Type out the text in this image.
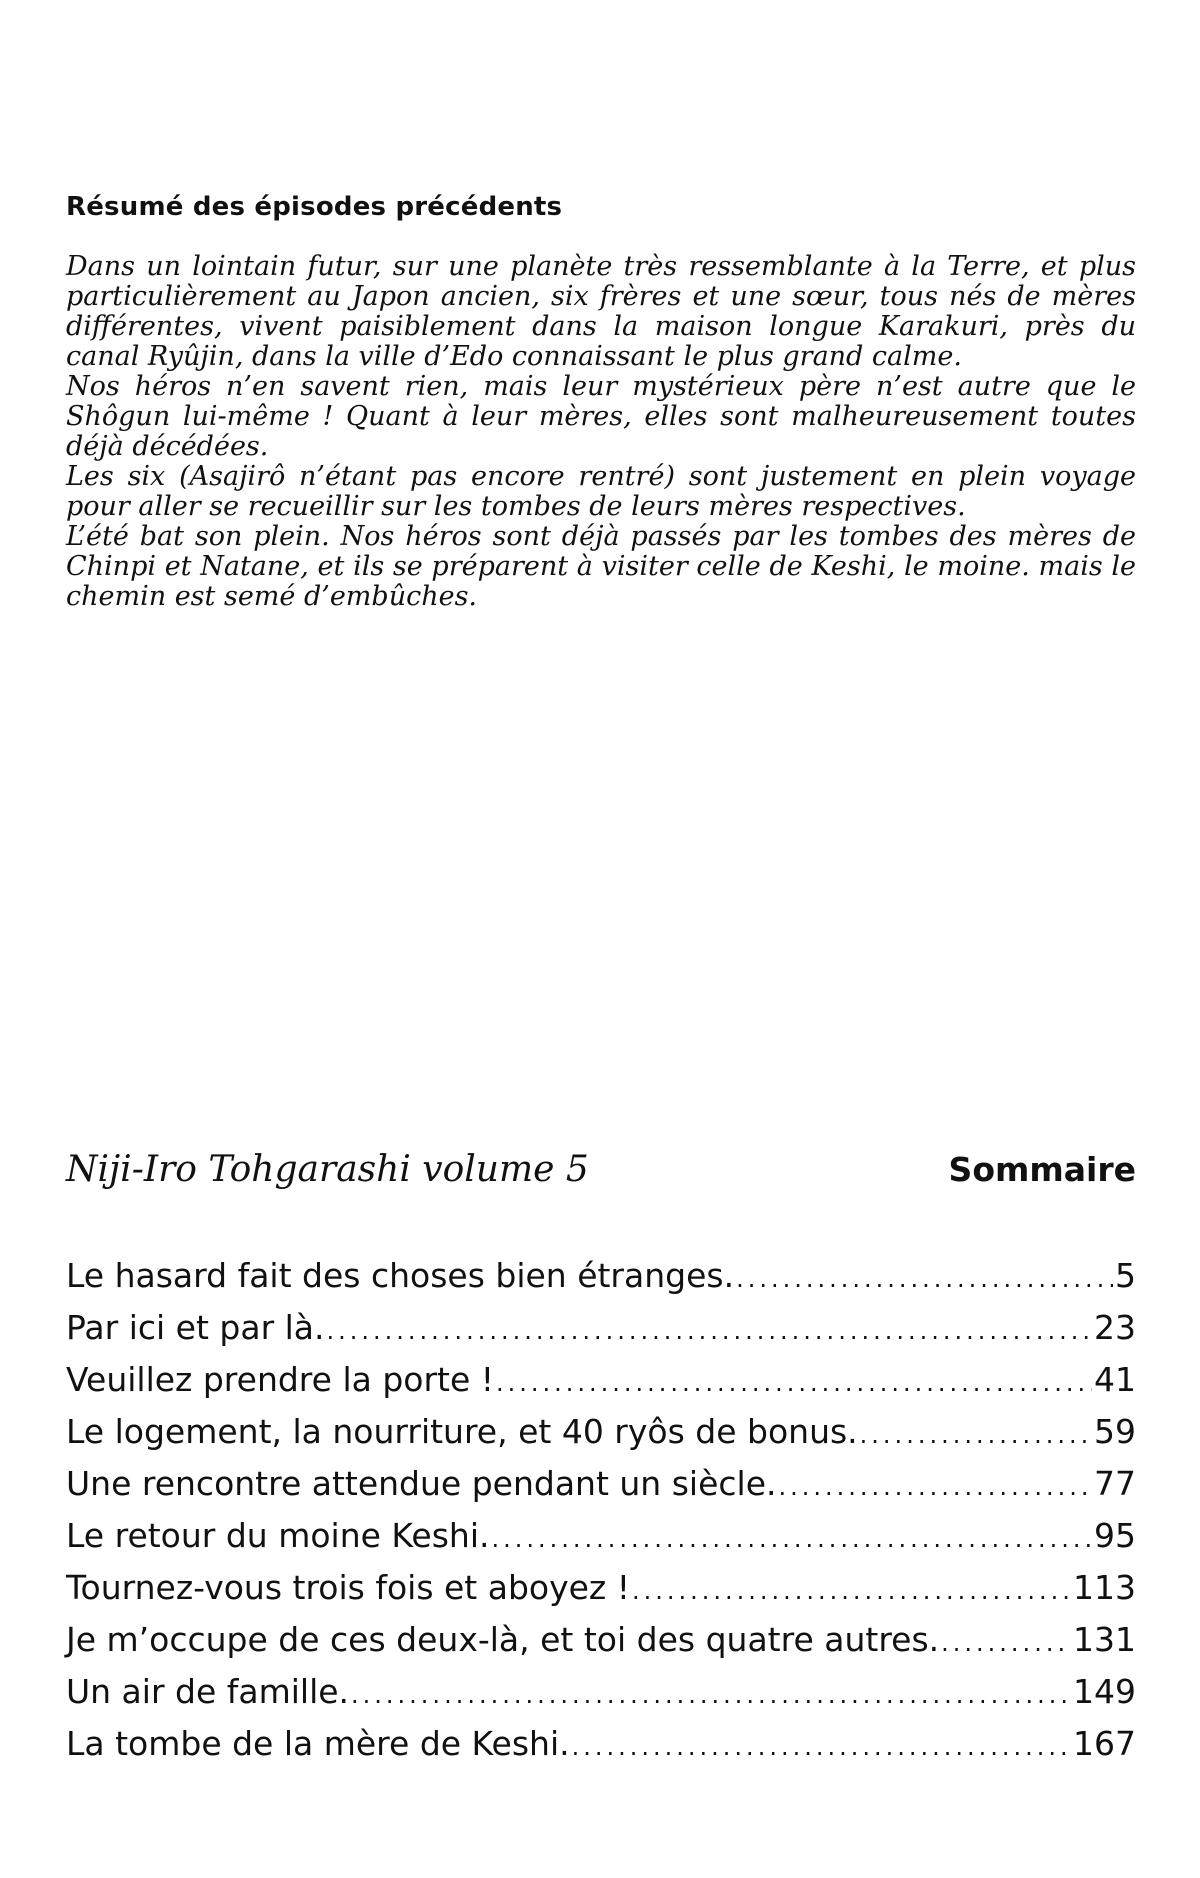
Résumé des épisodes précédents

Dans un lointain futur, sur une planète très ressemblante à la Terre, et plus particulièrement au Japon ancien, six frères et une sœur, tous nés de mères différentes, vivent paisiblement dans la maison longue Karakuri, près du canal Ryûjin, dans la ville d’Edo connaissant le plus grand calme.

Nos héros n’en savent rien, mais leur mystérieux père n’est autre que le Shôgun lui-même ! Quant à leur mères, elles sont malheureusement toutes déjà décédées.

Les six (Asajirô n’étant pas encore rentré) sont justement en plein voyage pour aller se recueillir sur les tombes de leurs mères respectives.

L’été bat son plein. Nos héros sont déjà passés par les tombes des mères de Chinpi et Natane, et ils se préparent à visiter celle de Keshi, le moine. mais le chemin est semé d’embûches.

Niji-Iro Tohgarashi volume 5	Sommaire
Le hasard fait des choses bien étranges. .....	5
Par ici et par là. .....	23
Veuillez prendre la porte ! .....	41
Le logement, la nourriture, et 40 ryôs de bonus. .....	59
Une rencontre attendue pendant un siècle. .....	77
Le retour du moine Keshi. .....	95
Tournez-vous trois fois et aboyez ! .....	113
Je m’occupe de ces deux-là, et toi des quatre autres. .....	131
Un air de famille. .....	149
La tombe de la mère de Keshi. .....	167
